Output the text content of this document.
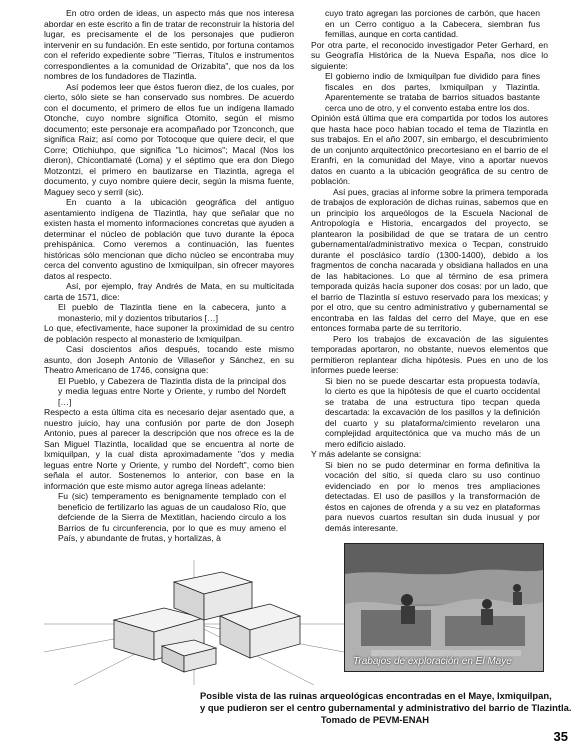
En otro orden de ideas, un aspecto más que nos interesa abordar en este escrito a fin de tratar de reconstruir la historia del lugar, es precisamente el de los personajes que pudieron intervenir en su fundación. En este sentido, por fortuna contamos con el referido expediente sobre "Tierras, Títulos e instrumentos correspondientes a la comunidad de Orizabita", que nos da los nombres de los fundadores de Tlazintla.

Así podemos leer que éstos fueron diez, de los cuales, por cierto, sólo siete se han conservado sus nombres. De acuerdo con el documento, el primero de ellos fue un indígena llamado Otonche, cuyo nombre significa Otomito, según el mismo documento; este personaje era acompañado por Tzonconch, que significa Raiz; así como por Totocoque que quiere decir, el que Corre; Otichiuhpo, que significa "Lo hicimos"; Macal (Nos los dieron), Chicontlamaté (Loma) y el séptimo que era don Diego Motzontzi, el primero en bautizarse en Tlazintla, agrega el documento, y cuyo nombre quiere decir, según la misma fuente, Maguey seco y serril (sic).

En cuanto a la ubicación geográfica del antiguo asentamiento indígena de Tlazintla, hay que señalar que no existen hasta el momento informaciones concretas que ayuden a determinar el núcleo de población que tuvo durante la época prehispánica. Como veremos a continuación, las fuentes históricas sólo mencionan que dicho núcleo se encontraba muy cerca del convento agustino de Ixmiquilpan, sin ofrecer mayores datos al respecto.

Así, por ejemplo, fray Andrés de Mata, en su multicitada carta de 1571, dice:

El pueblo de Tlazintla tiene en la cabecera, junto a monasterio, mil y dozientos tributarios […]

Lo que, efectivamente, hace suponer la proximidad de su centro de población respecto al monasterio de Ixmiquilpan.

Casi doscientos años después, tocando este mismo asunto, don Joseph Antonio de Villaseñor y Sánchez, en su Theatro Americano de 1746, consigna que:

El Pueblo, y Cabezera de Tlazintla dista de la principal dos y media leguas entre Norte y Oriente, y rumbo del Nordeft […]

Respecto a esta última cita es necesario dejar asentado que, a nuestro juicio, hay una confusión por parte de don Joseph Antonio, pues al parecer la descripción que nos ofrece es la de San Miguel Tlazintla, localidad que se encuentra al norte de Ixmiquilpan, y la cual dista aproximadamente "dos y media leguas entre Norte y Oriente, y rumbo del Nordeft", como bien señala el autor. Sostenemos lo anterior, con base en la información que este mismo autor agrega líneas adelante:

Fu (sic) temperamento es benignamente templado con el beneficio de fertilizarlo las aguas de un caudaloso Río, que defciende de la Sierra de Mextitlan, haciendo circulo a los Barrios de fu circunferencia, por lo que es muy ameno el País, y abundante de frutas, y hortalizas, à

cuyo trato agregan las porciones de carbón, que hacen en un Cerro contiguo a la Cabecera, siembran fus femillas, aunque en corta cantidad.

Por otra parte, el reconocido investigador Peter Gerhard, en su Geografía Histórica de la Nueva España, nos dice lo siguiente:

El gobierno indio de Ixmiquilpan fue dividido para fines fiscales en dos partes, Ixmiquilpan y Tlazintla. Aparentemente se trataba de barrios situados bastante cerca uno de otro, y el convento estaba entre los dos.

Opinión está última que era compartida por todos los autores que hasta hace poco habían tocado el tema de Tlazintla en sus trabajos. En el año 2007, sin embargo, el descubrimiento de un conjunto arquitectónico precortesiano en el barrio de el Eranfri, en la comunidad del Maye, vino a aportar nuevos datos en cuanto a la ubicación geográfica de su centro de población.

Así pues, gracias al informe sobre la primera temporada de trabajos de exploración de dichas ruinas, sabemos que en un principio los arqueólogos de la Escuela Nacional de Antropología e Historia, encargados del proyecto, se plantearon la posibilidad de que se tratara de un centro gubernamental/administrativo mexica o Tecpan, construido durante el posclásico tardío (1300-1400), debido a los fragmentos de concha nacarada y obsidiana hallados en una de las habitaciones. Lo que al término de esa primera temporada quizás hacía suponer dos cosas: por un lado, que el barrio de Tlazintla sí estuvo reservado para los mexicas; y por el otro, que su centro administrativo y gubernamental se encontraba en las faldas del cerro del Maye, que en ese entonces formaba parte de su territorio.

Pero los trabajos de excavación de las siguientes temporadas aportaron, no obstante, nuevos elementos que permitieron replantear dicha hipótesis. Pues en uno de los informes puede leerse:

Si bien no se puede descartar esta propuesta todavía, lo cierto es que la hipótesis de que el cuarto occidental se trataba de una estructura tipo tecpan queda descartada: la excavación de los pasillos y la definición del cuarto y su plataforma/cimiento revelaron una complejidad arquitectónica que va mucho más de un mero edificio aislado.

Y más adelante se consigna:

Si bien no se pudo determinar en forma definitiva la vocación del sitio, sí queda claro su uso continuo evidenciado en por lo menos tres ampliaciones detectadas. El uso de pasillos y la transformación de éstos en cajones de ofrenda y a su vez en plataformas para nuevos cuartos resultan sin duda inusual y por demás interesante.

Trabajos de exploración en El Maye
Posible vista de las ruinas arqueológicas encontradas en el Maye, Ixmiquilpan,
y que pudieron ser el centro gubernamental y administrativo del barrio de Tlazintla.
Tomado de PEVM-ENAH
35
